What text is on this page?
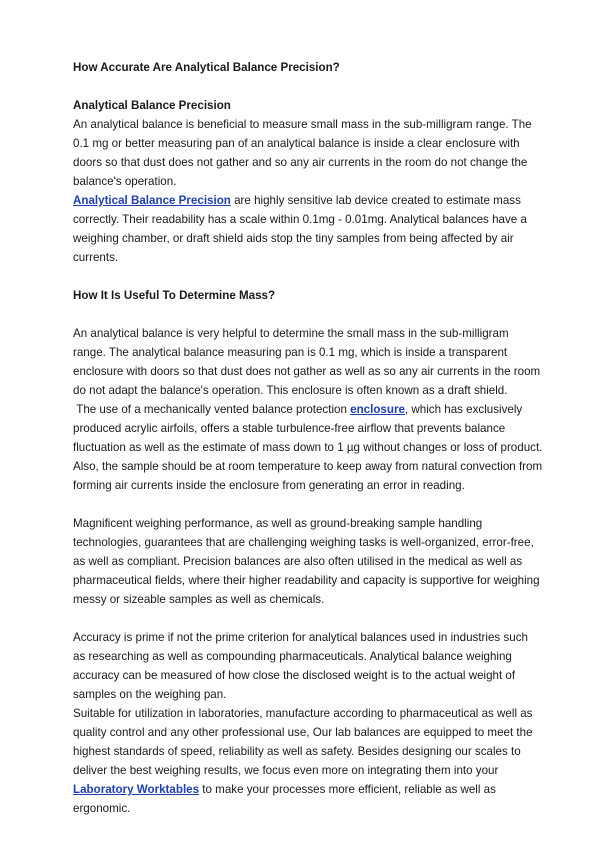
How Accurate Are Analytical Balance Precision?

Analytical Balance Precision

An analytical balance is beneficial to measure small mass in the sub-milligram range. The 0.1 mg or better measuring pan of an analytical balance is inside a clear enclosure with doors so that dust does not gather and so any air currents in the room do not change the balance's operation.

Analytical Balance Precision are highly sensitive lab device created to estimate mass correctly. Their readability has a scale within 0.1mg - 0.01mg. Analytical balances have a weighing chamber, or draft shield aids stop the tiny samples from being affected by air currents.

How It Is Useful To Determine Mass?

An analytical balance is very helpful to determine the small mass in the sub-milligram range. The analytical balance measuring pan is 0.1 mg, which is inside a transparent enclosure with doors so that dust does not gather as well as so any air currents in the room do not adapt the balance's operation. This enclosure is often known as a draft shield.

The use of a mechanically vented balance protection enclosure, which has exclusively produced acrylic airfoils, offers a stable turbulence-free airflow that prevents balance fluctuation as well as the estimate of mass down to 1 µg without changes or loss of product. Also, the sample should be at room temperature to keep away from natural convection from forming air currents inside the enclosure from generating an error in reading.

Magnificent weighing performance, as well as ground-breaking sample handling technologies, guarantees that are challenging weighing tasks is well-organized, error-free, as well as compliant. Precision balances are also often utilised in the medical as well as pharmaceutical fields, where their higher readability and capacity is supportive for weighing messy or sizeable samples as well as chemicals.

Accuracy is prime if not the prime criterion for analytical balances used in industries such as researching as well as compounding pharmaceuticals. Analytical balance weighing accuracy can be measured of how close the disclosed weight is to the actual weight of samples on the weighing pan.

Suitable for utilization in laboratories, manufacture according to pharmaceutical as well as quality control and any other professional use, Our lab balances are equipped to meet the highest standards of speed, reliability as well as safety. Besides designing our scales to deliver the best weighing results, we focus even more on integrating them into your Laboratory Worktables to make your processes more efficient, reliable as well as ergonomic.
